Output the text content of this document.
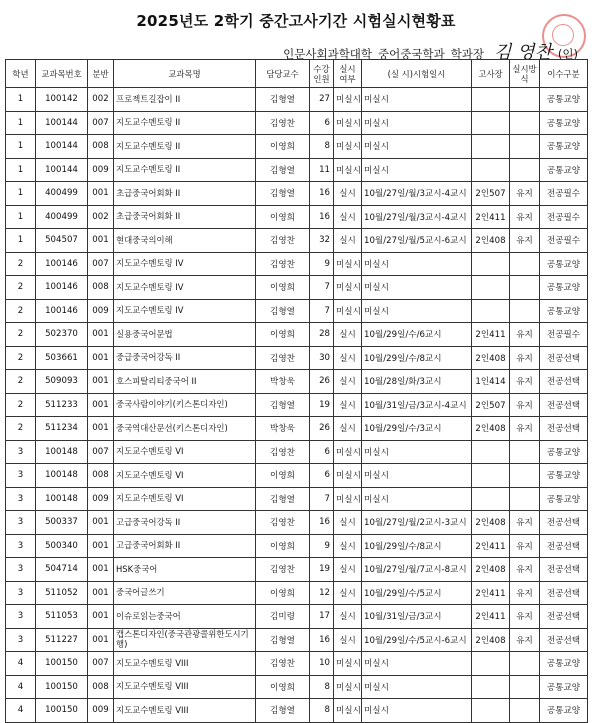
2025년도 2학기 중간고사기간 시험실시현황표
인문사회과학대학 중어중국학과 학과장 김 영찬 (인)
학년	교과목번호	분반	교과목명	담당교수	수강인원	실시여부	(실 시)시험일시	고사장	실시방식	이수구분
1	100142	002	프로젝트길잡이 II	김형열	27	미실시	미실시			공통교양
1	100144	007	지도교수멘토링 II	김영찬	6	미실시	미실시			공통교양
1	100144	008	지도교수멘토링 II	이영희	8	미실시	미실시			공통교양
1	100144	009	지도교수멘토링 II	김형열	11	미실시	미실시			공통교양
1	400499	001	초급중국어회화 II	김형열	16	실시	10월/27일/월/3교시-4교시	2인507	유지	전공필수
1	400499	002	초급중국어회화 II	이영희	16	실시	10월/27일/월/3교시-4교시	2인411	유지	전공필수
1	504507	001	현대중국의이해	김영찬	32	실시	10월/27일/월/5교시-6교시	2인408	유지	전공필수
2	100146	007	지도교수멘토링 IV	김영찬	9	미실시	미실시			공통교양
2	100146	008	지도교수멘토링 IV	이영희	7	미실시	미실시			공통교양
2	100146	009	지도교수멘토링 IV	김형열	7	미실시	미실시			공통교양
2	502370	001	실용중국어문법	이영희	28	실시	10월/29일/수/6교시	2인411	유지	전공필수
2	503661	001	중급중국어강독 II	김영찬	30	실시	10월/29일/수/8교시	2인408	유지	전공선택
2	509093	001	호스피탈리티중국어 II	박창욱	26	실시	10월/28일/화/3교시	1인414	유지	전공선택
2	511233	001	중국사람이야기(키스톤디자인)	김형열	19	실시	10월/31일/금/3교시-4교시	2인507	유지	전공선택
2	511234	001	중국역대산문선(키스톤디자인)	박창욱	26	실시	10월/29일/수/3교시	2인408	유지	전공선택
3	100148	007	지도교수멘토링 VI	김영찬	6	미실시	미실시			공통교양
3	100148	008	지도교수멘토링 VI	이영희	6	미실시	미실시			공통교양
3	100148	009	지도교수멘토링 VI	김형열	7	미실시	미실시			공통교양
3	500337	001	고급중국어강독 II	김영찬	16	실시	10월/27일/월/2교시-3교시	2인408	유지	전공선택
3	500340	001	고급중국어회화 II	이영희	9	실시	10월/29일/수/8교시	2인411	유지	전공선택
3	504714	001	HSK중국어	김영찬	19	실시	10월/27일/월/7교시-8교시	2인408	유지	전공선택
3	511052	001	중국어글쓰기	이영희	12	실시	10월/29일/수/5교시	2인411	유지	전공선택
3	511053	001	이슈로읽는중국어	김미령	17	실시	10월/31일/금/3교시	2인411	유지	전공선택
3	511227	001	캡스톤디자인(중국관광콜위한도시기행)	김형열	16	실시	10월/29일/수/5교시-6교시	2인408	유지	전공선택
4	100150	007	지도교수멘토링 VIII	김영찬	10	미실시	미실시			공통교양
4	100150	008	지도교수멘토링 VIII	이영희	8	미실시	미실시			공통교양
4	100150	009	지도교수멘토링 VIII	김형열	8	미실시	미실시			공통교양
